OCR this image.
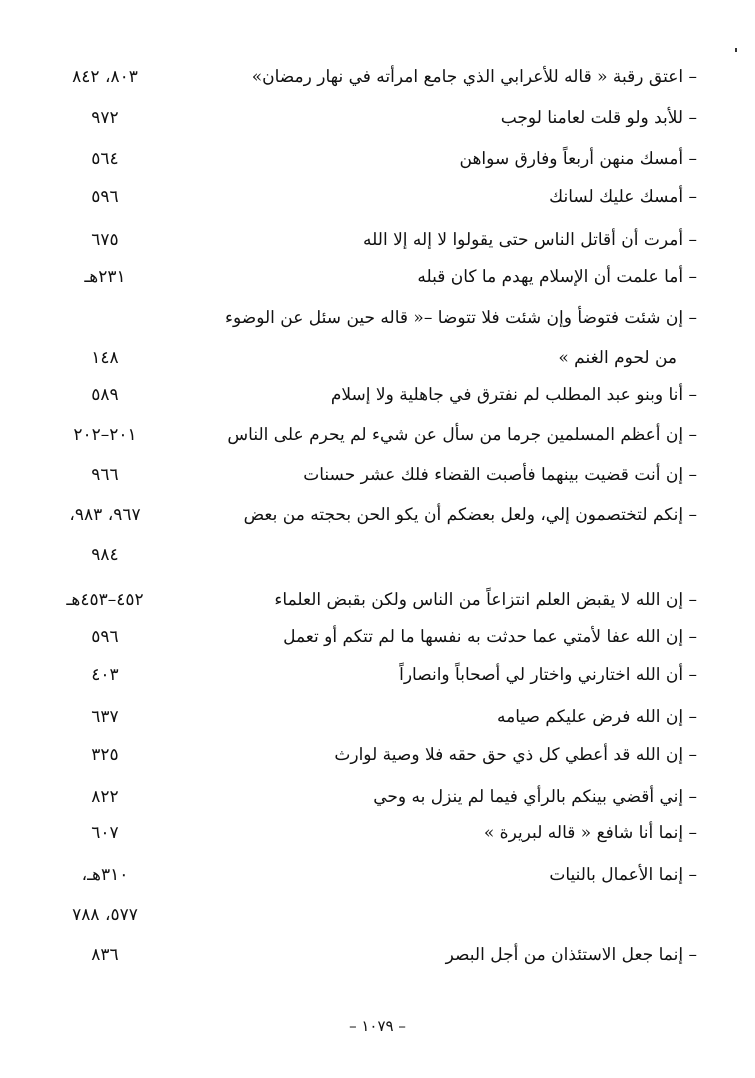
– اعتق رقبة « قاله للأعرابي الذي جامع امرأته في نهار رمضان»
٨٠٣، ٨٤٢
– للأبد ولو قلت لعامنا لوجب
٩٧٢
– أمسك منهن أربعاً وفارق سواهن
٥٦٤
– أمسك عليك لسانك
٥٩٦
– أمرت أن أقاتل الناس حتى يقولوا لا إله إلا الله
٦٧٥
– أما علمت أن الإسلام يهدم ما كان قبله
٢٣١هـ
– إن شئت فتوضأ وإن شئت فلا تتوضا –« قاله حين سئل عن الوضوء
من لحوم الغنم »
١٤٨
– أنا وبنو عبد المطلب لم نفترق في جاهلية ولا إسلام
٥٨٩
– إن أعظم المسلمين جرما من سأل عن شيء لم يحرم على الناس
٢٠١–٢٠٢
– إن أنت قضيت بينهما فأصبت القضاء فلك عشر حسنات
٩٦٦
– إنكم لتختصمون إلي، ولعل بعضكم أن يكو الحن بحجته من بعض
٩٦٧، ٩٨٣،
٩٨٤
– إن الله لا يقبض العلم انتزاعاً من الناس ولكن بقبض العلماء
٤٥٢–٤٥٣هـ
– إن الله عفا لأمتي عما حدثت به نفسها ما لم تتكم أو تعمل
٥٩٦
– أن الله اختارني واختار لي أصحاباً وانصاراً
٤٠٣
– إن الله فرض عليكم صيامه
٦٣٧
– إن الله قد أعطي كل ذي حق حقه فلا وصية لوارث
٣٢٥
– إني أقضي بينكم بالرأي فيما لم ينزل به وحي
٨٢٢
– إنما أنا شافع « قاله لبريرة »
٦٠٧
– إنما الأعمال بالنيات
٣١٠هـ،
٥٧٧، ٧٨٨
– إنما جعل الاستئذان من أجل البصر
٨٣٦
– ١٠٧٩ –
